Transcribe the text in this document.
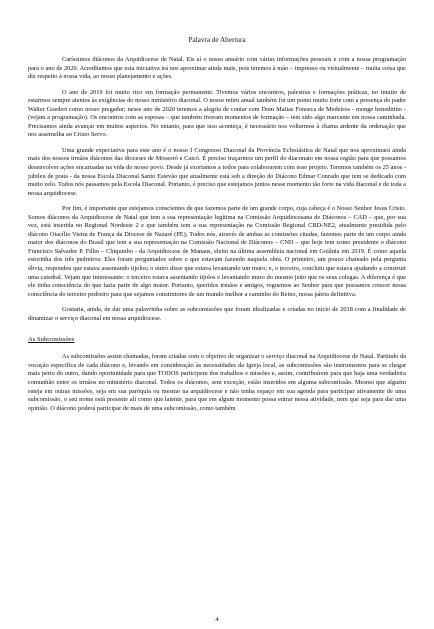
Palavra de Abertura

Caríssimos diáconos da Arquidiocese de Natal. Eis aí o nosso anuário com várias informações pessoais e com a nossa programação para o ano de 2020. Acreditamos que esta iniciativa irá nos aproximar ainda mais, pois teremos à mão – impresso ou virtualmente – muita coisa que diz respeito à nossa vida, ao nosso planejamento e ações.

O ano de 2019 foi muito rico em formação permanente. Tivemos vários encontros, palestras e formações práticas, no intuito de estarmos sempre atentos às exigências do nosso ministério diaconal. O nosso retiro anual também foi um ponto muito forte com a presença do padre Walter Goedert como nosso pregador; nesse ano de 2020 teremos a alegria de contar com Dom Matias Fonseca de Medeiros - monge beneditino - (vejam a programação). Os encontros com as esposas – que também tiveram momentos de formação – tem sido algo marcante em nossa caminhada. Precisamos ainda avançar em muitos aspectos. No entanto, para que isso aconteça, é necessário nos voltarmos à chama ardente da ordenação que nos assemelha ao Cristo Servo.

Uma grande expectativa para este ano é o nosso I Congresso Diaconal da Província Eclesiástica de Natal que nos aproximará ainda mais dos nossos irmãos diáconos das dioceses de Mossoró e Caicó. É preciso traçarmos um perfil do diaconato em nossa região para que possamos desenvolver ações encarnadas na vida do nosso povo. Desde já exortamos a todos para colaborarem com esse projeto. Teremos também os 25 anos - jubileu de prata - da nossa Escola Diaconal Santo Estevão que atualmente está sob a direção do Diácono Edmar Conrado que tem se dedicado com muito zelo. Todos nós passamos pela Escola Diaconal. Portanto, é preciso que estejamos juntos nesse momento tão forte na vida diaconal e de toda a nossa arquidiocese.

Por fim, é importante que estejamos conscientes de que fazemos parte de um grande corpo, cuja cabeça é o Nosso Senhor Jesus Cristo. Somos diáconos da Arquidiocese de Natal que tem a sua representação legítima na Comissão Arquidiocesana de Diáconos – CAD – que, por sua vez, está inserida no Regional Nordeste 2 e que também tem a sua representação na Comissão Regional CRD-NE2, atualmente presidida pelo diácono Otacílio Vieira de França da Diocese de Nazaré (PE); Todos nós, através de ambas as comissões citadas, fazemos parte de um corpo ainda maior dos diáconos do Brasil que tem a sua representação na Comissão Nacional de Diáconos – CND – que hoje tem como presidente o diácono Francisco Salvador P. Filho – Chiquinho - da Arquidiocese de Manaus, eleito na última assembleia nacional em Goiânia em 2019. É como aquela estorinha dos três pedreiros: Eles foram perguntados sobre o que estavam fazendo naquela obra. O primeiro, um pouco chateado pela pergunta óbvia, respondeu que estava assentando tijolos; o outro disse que estava levantando um muro; e, o terceiro, concluiu que estava ajudando a construir uma catedral. Vejam que interessante: o terceiro estava assentando tijolos e levantando muro do mesmo jeito que os seus colegas. A diferença é que ele tinha consciência do que fazia parte de algo maior. Portanto, queridos irmãos e amigos, roguemos ao Senhor para que possamos crescer nessa consciência do terceiro pedreiro para que sejamos construtores de um mundo melhor a caminho do Reino, nossa pátria definitiva.

Gostaria, ainda, de dar uma palavrinha sobre as subcomissões que foram idealizadas e criadas no início de 2018 com a finalidade de dinamizar o serviço diaconal em nossa arquidiocese.

As Subcomissões

As subcomissões assim chamadas, foram criadas com o objetivo de organizar o serviço diaconal na Arquidiocese de Natal. Partindo da vocação específica de cada diácono e, levando em consideração às necessidades da Igreja local, as subcomissões são instrumentos para se chegar mais perto do outro, dando oportunidade para que TODOS participem dos trabalhos e missões e, assim, contribuírem para que haja uma verdadeira comunhão entre os irmãos no ministério diaconal. Todos os diáconos, sem exceção, estão inseridos em alguma subcomissão. Mesmo que alguém esteja em outras missões, seja em sua paróquia ou mesmo na arquidiocese e não tenha espaço em sua agenda para participar ativamente de uma subcomissão, o seu nome está presente ali como que latente, para que em algum momento possa entrar nessa atividade, nem que seja para dar uma opinião. O diácono poderá participar de mais de uma subcomissão, como também

4
